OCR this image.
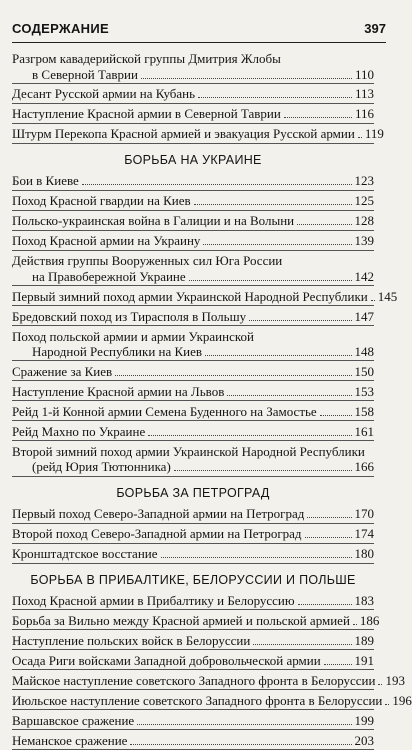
СОДЕРЖАНИЕ	397
Разгром кавадерийской группы Дмитрия Жлобы
в Северной Таврии	110
Десант Русской армии на Кубань	113
Наступление Красной армии в Северной Таврии	116
Штурм Перекопа Красной армией и эвакуация Русской армии 119
БОРЬБА НА УКРАИНЕ
Бои в Киеве	123
Поход Красной гвардии на Киев	125
Польско-украинская война в Галиции и на Волыни	128
Поход Красной армии на Украину	139
Действия группы Вооруженных сил Юга России
на Правобережной Украине	142
Первый зимний поход армии Украинской Народной Республики 145
Бредовский поход из Тирасполя в Польшу	147
Поход польской армии и армии Украинской
Народной Республики на Киев	148
Сражение за Киев	150
Наступление Красной армии на Львов	153
Рейд 1-й Конной армии Семена Буденного на Замостье	158
Рейд Махно по Украине	161
Второй зимний поход армии Украинской Народной Республики
(рейд Юрия Тютюнника)	166
БОРЬБА ЗА ПЕТРОГРАД
Первый поход Северо-Западной армии на Петроград	170
Второй поход Северо-Западной армии на Петроград	174
Кронштадтское восстание	180
БОРЬБА В ПРИБАЛТИКЕ, БЕЛОРУССИИ И ПОЛЬШЕ
Поход Красной армии в Прибалтику и Белоруссию	183
Борьба за Вильно между Красной армией и польской армией 186
Наступление польских войск в Белоруссии	189
Осада Риги войсками Западной добровольческой армии	191
Майское наступление советского Западного фронта в Белоруссии 193
Июльское наступление советского Западного фронта в Белоруссии 196
Варшавское сражение	199
Неманское сражение	203
